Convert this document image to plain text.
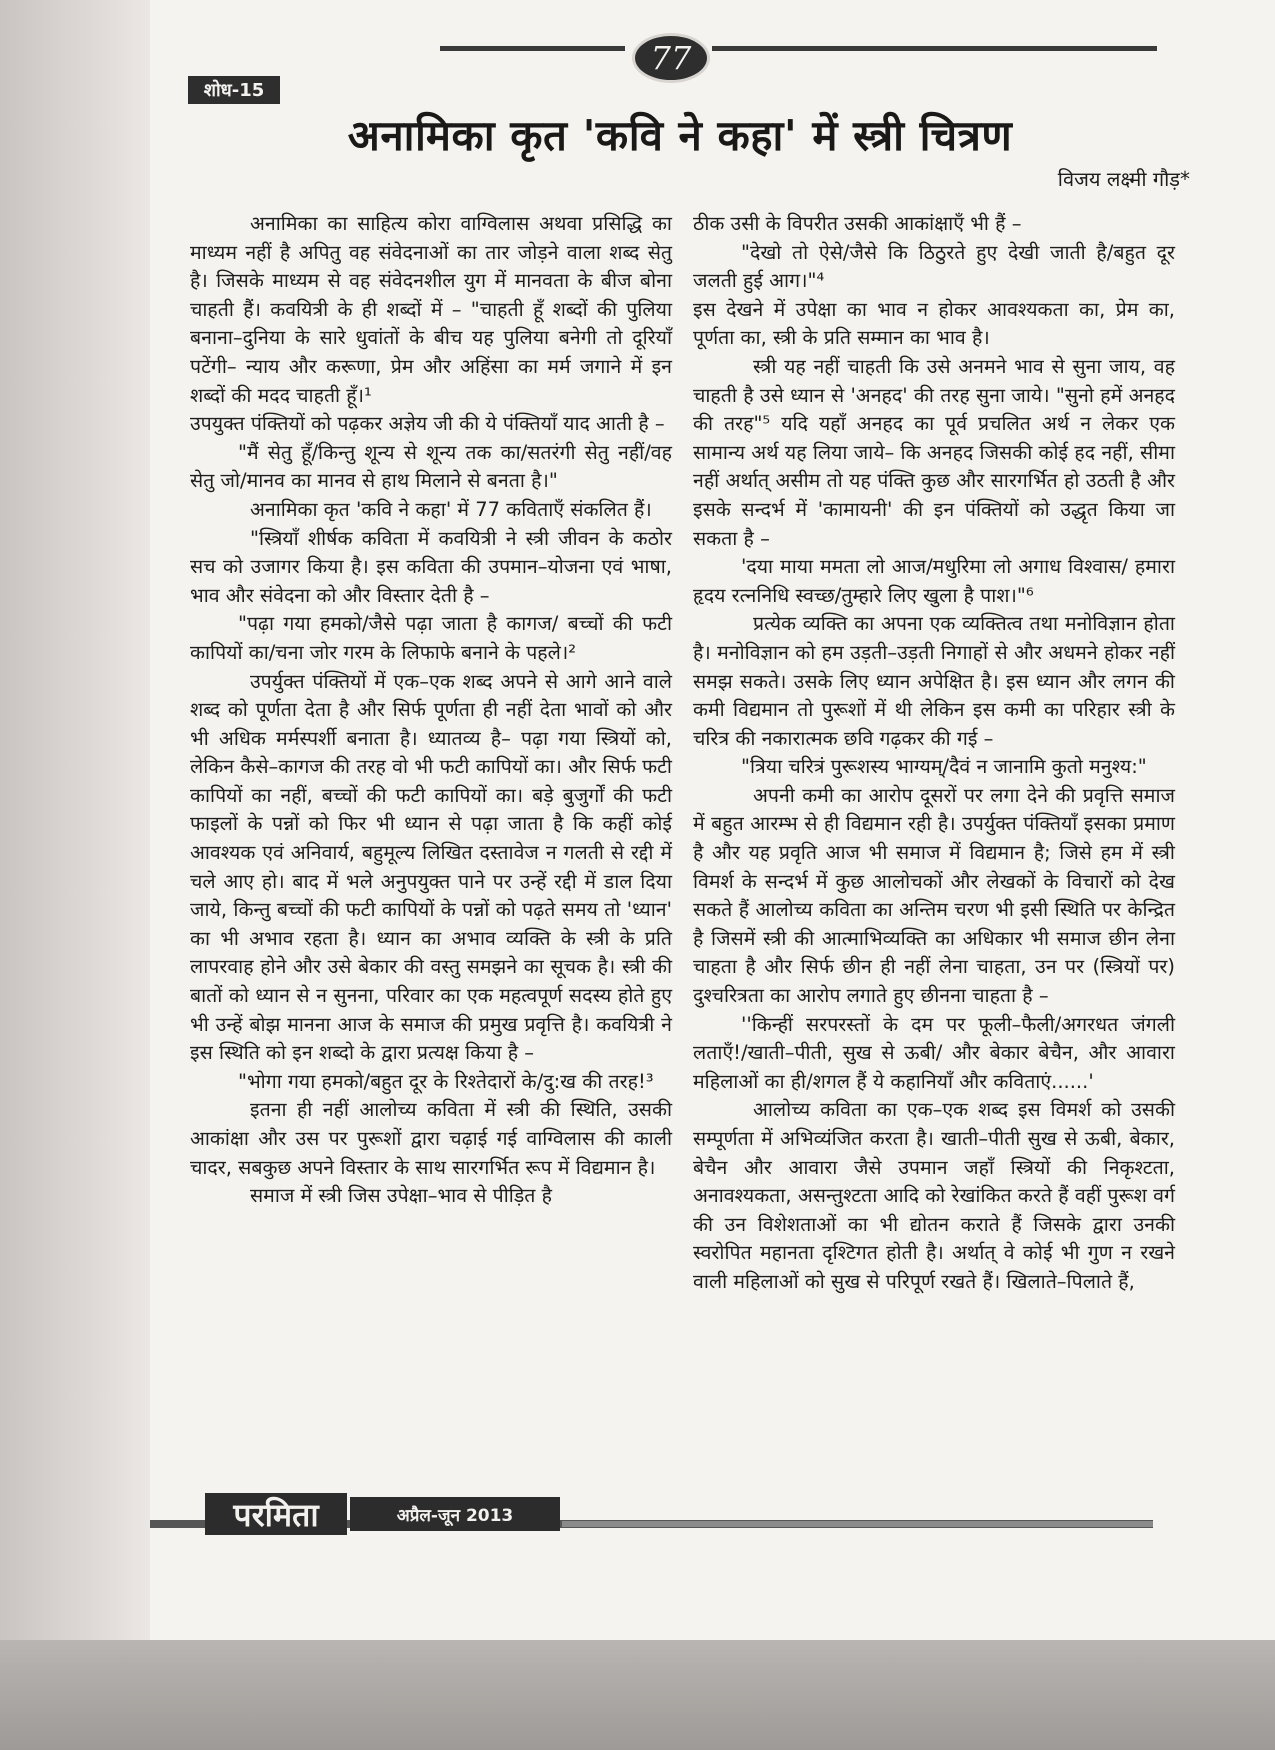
77
शोध-15
अनामिका कृत 'कवि ने कहा' में स्त्री चित्रण
विजय लक्ष्मी गौड़*

अनामिका का साहित्य कोरा वाग्विलास अथवा प्रसिद्धि का माध्यम नहीं है अपितु वह संवेदनाओं का तार जोड़ने वाला शब्द सेतु है। जिसके माध्यम से वह संवेदनशील युग में मानवता के बीज बोना चाहती हैं। कवयित्री के ही शब्दों में – "चाहती हूँ शब्दों की पुलिया बनाना–दुनिया के सारे धुवांतों के बीच यह पुलिया बनेगी तो दूरियाँ पटेंगी– न्याय और करूणा, प्रेम और अहिंसा का मर्म जगाने में इन शब्दों की मदद चाहती हूँ।¹

उपयुक्त पंक्तियों को पढ़कर अज्ञेय जी की ये पंक्तियाँ याद आती है –

"मैं सेतु हूँ/किन्तु शून्य से शून्य तक का/सतरंगी सेतु नहीं/वह सेतु जो/मानव का मानव से हाथ मिलाने से बनता है।"

अनामिका कृत 'कवि ने कहा' में 77 कविताएँ संकलित हैं।

"स्त्रियाँ शीर्षक कविता में कवयित्री ने स्त्री जीवन के कठोर सच को उजागर किया है। इस कविता की उपमान–योजना एवं भाषा, भाव और संवेदना को और विस्तार देती है –

"पढ़ा गया हमको/जैसे पढ़ा जाता है कागज/ बच्चों की फटी कापियों का/चना जोर गरम के लिफाफे बनाने के पहले।²

उपर्युक्त पंक्तियों में एक–एक शब्द अपने से आगे आने वाले शब्द को पूर्णता देता है और सिर्फ पूर्णता ही नहीं देता भावों को और भी अधिक मर्मस्पर्शी बनाता है। ध्यातव्य है– पढ़ा गया स्त्रियों को, लेकिन कैसे–कागज की तरह वो भी फटी कापियों का। और सिर्फ फटी कापियों का नहीं, बच्चों की फटी कापियों का। बड़े बुजुर्गों की फटी फाइलों के पन्नों को फिर भी ध्यान से पढ़ा जाता है कि कहीं कोई आवश्यक एवं अनिवार्य, बहुमूल्य लिखित दस्तावेज न गलती से रद्दी में चले आए हो। बाद में भले अनुपयुक्त पाने पर उन्हें रद्दी में डाल दिया जाये, किन्तु बच्चों की फटी कापियों के पन्नों को पढ़ते समय तो 'ध्यान' का भी अभाव रहता है। ध्यान का अभाव व्यक्ति के स्त्री के प्रति लापरवाह होने और उसे बेकार की वस्तु समझने का सूचक है। स्त्री की बातों को ध्यान से न सुनना, परिवार का एक महत्वपूर्ण सदस्य होते हुए भी उन्हें बोझ मानना आज के समाज की प्रमुख प्रवृत्ति है। कवयित्री ने इस स्थिति को इन शब्दो के द्वारा प्रत्यक्ष किया है –

"भोगा गया हमको/बहुत दूर के रिश्तेदारों के/दु:ख की तरह!³

इतना ही नहीं आलोच्य कविता में स्त्री की स्थिति, उसकी आकांक्षा और उस पर पुरूशों द्वारा चढ़ाई गई वाग्विलास की काली चादर, सबकुछ अपने विस्तार के साथ सारगर्भित रूप में विद्यमान है।

समाज में स्त्री जिस उपेक्षा–भाव से पीड़ित है

ठीक उसी के विपरीत उसकी आकांक्षाएँ भी हैं –

"देखो तो ऐसे/जैसे कि ठिठुरते हुए देखी जाती है/बहुत दूर जलती हुई आग।"⁴

इस देखने में उपेक्षा का भाव न होकर आवश्यकता का, प्रेम का, पूर्णता का, स्त्री के प्रति सम्मान का भाव है।

स्त्री यह नहीं चाहती कि उसे अनमने भाव से सुना जाय, वह चाहती है उसे ध्यान से 'अनहद' की तरह सुना जाये। "सुनो हमें अनहद की तरह"⁵ यदि यहाँ अनहद का पूर्व प्रचलित अर्थ न लेकर एक सामान्य अर्थ यह लिया जाये– कि अनहद जिसकी कोई हद नहीं, सीमा नहीं अर्थात् असीम तो यह पंक्ति कुछ और सारगर्भित हो उठती है और इसके सन्दर्भ में 'कामायनी' की इन पंक्तियों को उद्धृत किया जा सकता है –

'दया माया ममता लो आज/मधुरिमा लो अगाध विश्वास/ हमारा हृदय रत्ननिधि स्वच्छ/तुम्हारे लिए खुला है पाश।"⁶

प्रत्येक व्यक्ति का अपना एक व्यक्तित्व तथा मनोविज्ञान होता है। मनोविज्ञान को हम उड़ती–उड़ती निगाहों से और अधमने होकर नहीं समझ सकते। उसके लिए ध्यान अपेक्षित है। इस ध्यान और लगन की कमी विद्यमान तो पुरूशों में थी लेकिन इस कमी का परिहार स्त्री के चरित्र की नकारात्मक छवि गढ़कर की गई –

"त्रिया चरित्रं पुरूशस्य भाग्यम्/दैवं न जानामि कुतो मनुश्य:"

अपनी कमी का आरोप दूसरों पर लगा देने की प्रवृत्ति समाज में बहुत आरम्भ से ही विद्यमान रही है। उपर्युक्त पंक्तियाँ इसका प्रमाण है और यह प्रवृति आज भी समाज में विद्यमान है; जिसे हम में स्त्री विमर्श के सन्दर्भ में कुछ आलोचकों और लेखकों के विचारों को देख सकते हैं आलोच्य कविता का अन्तिम चरण भी इसी स्थिति पर केन्द्रित है जिसमें स्त्री की आत्माभिव्यक्ति का अधिकार भी समाज छीन लेना चाहता है और सिर्फ छीन ही नहीं लेना चाहता, उन पर (स्त्रियों पर) दुश्चरित्रता का आरोप लगाते हुए छीनना चाहता है –

''किन्हीं सरपरस्तों के दम पर फूली–फैली/अगरधत जंगली लताएँ!/खाती–पीती, सुख से ऊबी/ और बेकार बेचैन, और आवारा महिलाओं का ही/शगल हैं ये कहानियाँ और कविताएं......'

आलोच्य कविता का एक–एक शब्द इस विमर्श को उसकी सम्पूर्णता में अभिव्यंजित करता है। खाती–पीती सुख से ऊबी, बेकार, बेचैन और आवारा जैसे उपमान जहाँ स्त्रियों की निकृश्टता, अनावश्यकता, असन्तुश्टता आदि को रेखांकित करते हैं वहीं पुरूश वर्ग की उन विशेशताओं का भी द्योतन कराते हैं जिसके द्वारा उनकी स्वरोपित महानता दृश्टिगत होती है। अर्थात् वे कोई भी गुण न रखने वाली महिलाओं को सुख से परिपूर्ण रखते हैं। खिलाते–पिलाते हैं,

परमिता	अप्रैल-जून 2013
